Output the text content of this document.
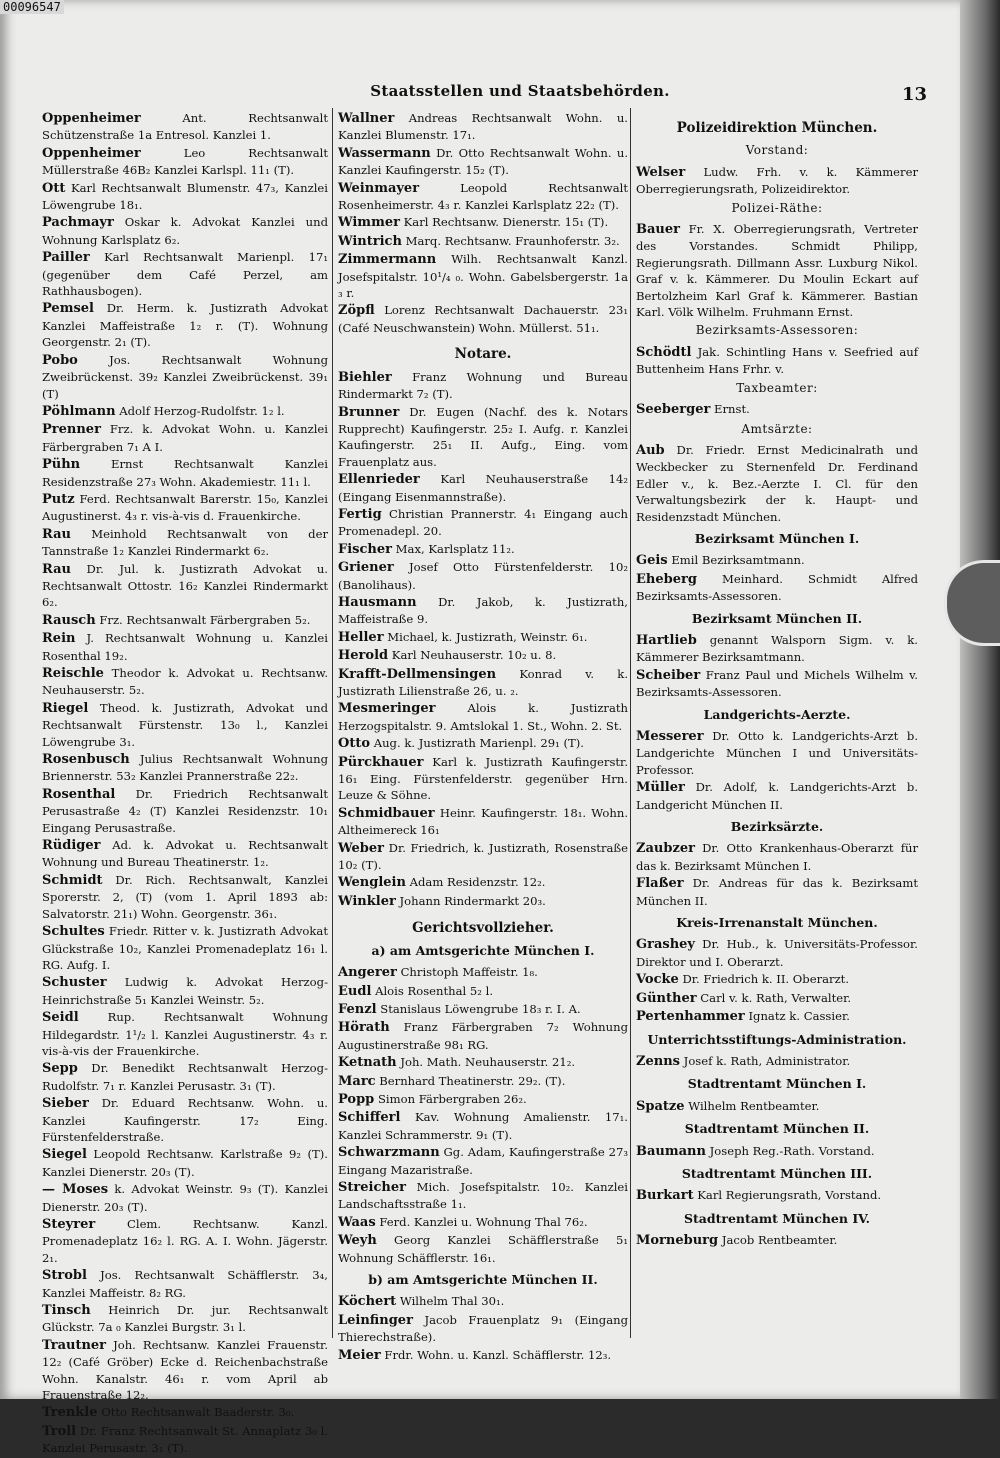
00096547
Staatsstellen und Staatsbehörden.	13
Oppenheimer	Ant. Rechtsanwalt Schützenstraße 1a Entresol. Kanzlei 1.
Oppenheimer	Leo Rechtsanwalt Müllerstraße 46B₂ Kanzlei Karlspl. 11₁ (T).
Ott Karl Rechtsanwalt Blumenstr. 47₃, Kanzlei Löwengrube 18₁.
Pachmayr Oskar k. Advokat Kanzlei und Wohnung Karlsplatz 6₂.
Pailler Karl Rechtsanwalt Marienpl. 17₁ (gegenüber dem Café Perzel, am Rathhausbogen).
Pemsel Dr. Herm. k. Justizrath Advokat Kanzlei Maffeistraße 1₂ r. (T). Wohnung Georgenstr. 2₁ (T).
Pobo	Jos. Rechtsanwalt Wohnung Zweibrückenst. 39₂ Kanzlei Zweibrückenst. 39₁ (T)
Pöhlmann Adolf Herzog-Rudolfstr. 1₂ l.
Prenner Frz. k. Advokat Wohn. u. Kanzlei Färbergraben 7₁ A I.
Pühn	Ernst Rechtsanwalt Kanzlei Residenzstraße 27₃ Wohn. Akademiestr. 11₁ l.
Putz Ferd. Rechtsanwalt Barerstr. 15₀, Kanzlei Augustinerst. 4₃ r. vis-à-vis d. Frauenkirche.
Rau Meinhold Rechtsanwalt von der Tannstraße 1₂ Kanzlei Rindermarkt 6₂.
Rau Dr. Jul. k. Justizrath Advokat u. Rechtsanwalt Ottostr. 16₂ Kanzlei Rindermarkt 6₂.
Rausch Frz. Rechtsanwalt Färbergraben 5₂.
Rein J. Rechtsanwalt Wohnung u. Kanzlei Rosenthal 19₂.
Reischle Theodor k. Advokat u. Rechtsanw. Neuhauserstr. 5₂.
Riegel Theod. k. Justizrath, Advokat und Rechtsanwalt Fürstenstr. 13₀ l., Kanzlei Löwengrube 3₁.
Rosenbusch Julius Rechtsanwalt Wohnung Briennerstr. 53₂ Kanzlei Prannerstraße 22₂.
Rosenthal Dr. Friedrich Rechtsanwalt Perusastraße 4₂ (T) Kanzlei Residenzstr. 10₁ Eingang Perusastraße.
Rüdiger Ad. k. Advokat u. Rechtsanwalt Wohnung und Bureau Theatinerstr. 1₂.
Schmidt Dr. Rich. Rechtsanwalt, Kanzlei Sporerstr. 2, (T) (vom 1. April 1893 ab: Salvatorstr. 21₁) Wohn. Georgenstr. 36₁.
Schultes Friedr. Ritter v. k. Justizrath Advokat Glückstraße 10₂, Kanzlei Promenadeplatz 16₁ l. RG. Aufg. I.
Schuster Ludwig k. Advokat Herzog-Heinrichstraße 5₁ Kanzlei Weinstr. 5₂.
Seidl Rup. Rechtsanwalt Wohnung Hildegardstr. 1¹/₂ l. Kanzlei Augustinerstr. 4₃ r. vis-à-vis der Frauenkirche.
Sepp Dr. Benedikt Rechtsanwalt Herzog-Rudolfstr. 7₁ r. Kanzlei Perusastr. 3₁ (T).
Sieber Dr. Eduard Rechtsanw. Wohn. u. Kanzlei Kaufingerstr. 17₂ Eing. Fürstenfelderstraße.
Siegel Leopold Rechtsanw. Karlstraße 9₂ (T). Kanzlei Dienerstr. 20₃ (T).
— Moses k. Advokat Weinstr. 9₃ (T). Kanzlei Dienerstr. 20₃ (T).
Steyrer	Clem. Rechtsanw. Kanzl. Promenadeplatz 16₂ l. RG. A. I. Wohn. Jägerstr. 2₁.
Strobl Jos. Rechtsanwalt Schäfflerstr. 3₄, Kanzlei Maffeistr. 8₂ RG.
Tinsch Heinrich Dr. jur. Rechtsanwalt Glückstr. 7a ₀ Kanzlei Burgstr. 3₁ l.
Trautner Joh. Rechtsanw. Kanzlei Frauenstr. 12₂ (Café Gröber) Ecke d. Reichenbachstraße Wohn. Kanalstr. 46₁ r. vom April ab Frauenstraße 12₂.
Trenkle Otto Rechtsanwalt Baaderstr. 3₀.
Troll Dr. Franz Rechtsanwalt St. Annaplatz 3₀ l. Kanzlei Perusastr. 3₁ (T).
Wallner Andreas Rechtsanwalt Wohn. u. Kanzlei Blumenstr. 17₁.
Wassermann Dr. Otto Rechtsanwalt Wohn. u. Kanzlei Kaufingerstr. 15₂ (T).
Weinmayer	Leopold Rechtsanwalt Rosenheimerstr. 4₃ r. Kanzlei Karlsplatz 22₂ (T).
Wimmer Karl Rechtsanw. Dienerstr. 15₁ (T).
Wintrich Marq. Rechtsanw. Fraunhoferstr. 3₂.
Zimmermann Wilh. Rechtsanwalt Kanzl. Josefspitalstr. 10¹/₄ ₀. Wohn. Gabelsbergerstr. 1a ₃ r.
Zöpfl Lorenz Rechtsanwalt Dachauerstr. 23₁ (Café Neuschwanstein) Wohn. Müllerst. 51₁.
Notare.
Biehler Franz Wohnung und Bureau Rindermarkt 7₂ (T).
Brunner Dr. Eugen (Nachf. des k. Notars Rupprecht) Kaufingerstr. 25₂ I. Aufg. r. Kanzlei Kaufingerstr. 25₁ II. Aufg., Eing. vom Frauenplatz aus.
Ellenrieder Karl Neuhauserstraße 14₂ (Eingang Eisenmannstraße).
Fertig Christian Prannerstr. 4₁ Eingang auch Promenadepl. 20.
Fischer Max, Karlsplatz 11₂.
Griener Josef Otto Fürstenfelderstr. 10₂ (Banolihaus).
Hausmann Dr. Jakob, k. Justizrath, Maffeistraße 9.
Heller Michael, k. Justizrath, Weinstr. 6₁.
Herold Karl Neuhauserstr. 10₂ u. 8.
Krafft-Dellmensingen Konrad v. k. Justizrath Lilienstraße 26, u. ₂.
Mesmeringer	Alois k. Justizrath Herzogspitalstr. 9. Amtslokal 1. St., Wohn. 2. St.
Otto Aug. k. Justizrath Marienpl. 29₁ (T).
Pürckhauer Karl k. Justizrath Kaufingerstr. 16₁ Eing. Fürstenfelderstr. gegenüber Hrn. Leuze & Söhne.
Schmidbauer Heinr. Kaufingerstr. 18₁. Wohn. Altheimereck 16₁
Weber Dr. Friedrich, k. Justizrath, Rosenstraße 10₂ (T).
Wenglein Adam Residenzstr. 12₂.
Winkler Johann Rindermarkt 20₃.
Gerichtsvollzieher.
a) am Amtsgerichte München I.
Angerer Christoph Maffeistr. 1₈.
Eudl Alois Rosenthal 5₂ l.
Fenzl Stanislaus Löwengrube 18₃ r. I. A.
Hörath Franz Färbergraben 7₂ Wohnung Augustinerstraße 98₁ RG.
Ketnath Joh. Math. Neuhauserstr. 21₂.
Marc Bernhard Theatinerstr. 29₂. (T).
Popp Simon Färbergraben 26₂.
Schifferl Kav. Wohnung Amalienstr. 17₁. Kanzlei Schrammerstr. 9₁ (T).
Schwarzmann Gg. Adam, Kaufingerstraße 27₃ Eingang Mazaristraße.
Streicher Mich. Josefspitalstr. 10₂. Kanzlei Landschaftsstraße 1₁.
Waas Ferd. Kanzlei u. Wohnung Thal 76₂.
Weyh Georg Kanzlei Schäfflerstraße 5₁ Wohnung Schäfflerstr. 16₁.
b) am Amtsgerichte München II.
Köchert Wilhelm Thal 30₁.
Leinfinger Jacob Frauenplatz 9₁ (Eingang Thierechstraße).
Meier Frdr. Wohn. u. Kanzl. Schäfflerstr. 12₃.
Polizeidirektion München.
Vorstand:
Welser Ludw. Frh. v. k. Kämmerer Oberregierungsrath, Polizeidirektor.
Polizei-Räthe:
Bauer Fr. X. Oberregierungsrath, Vertreter des Vorstandes. Schmidt Philipp, Regierungsrath. Dillmann Assr. Luxburg Nikol. Graf v. k. Kämmerer. Du Moulin Eckart auf Bertolzheim Karl Graf k. Kämmerer. Bastian Karl. Völk Wilhelm. Fruhmann Ernst.
Bezirksamts-Assessoren:
Schödtl Jak. Schintling Hans v. Seefried auf Buttenheim Hans Frhr. v.
Taxbeamter:
Seeberger Ernst.
Amtsärzte:
Aub Dr. Friedr. Ernst Medicinalrath und Weckbecker zu Sternenfeld Dr. Ferdinand Edler v., k. Bez.-Aerzte I. Cl. für den Verwaltungsbezirk der k. Haupt- und Residenzstadt München.
Bezirksamt München I.
Geis Emil Bezirksamtmann.
Eheberg Meinhard. Schmidt Alfred Bezirksamts-Assessoren.
Bezirksamt München II.
Hartlieb genannt Walsporn Sigm. v. k. Kämmerer Bezirksamtmann.
Scheiber Franz Paul und Michels Wilhelm v. Bezirksamts-Assessoren.
Landgerichts-Aerzte.
Messerer Dr. Otto k. Landgerichts-Arzt b. Landgerichte München I und Universitäts-Professor.
Müller Dr. Adolf, k. Landgerichts-Arzt b. Landgericht München II.
Bezirksärzte.
Zaubzer Dr. Otto Krankenhaus-Oberarzt für das k. Bezirksamt München I.
Flaßer Dr. Andreas für das k. Bezirksamt München II.
Kreis-Irrenanstalt München.
Grashey Dr. Hub., k. Universitäts-Professor. Direktor und I. Oberarzt.
Vocke Dr. Friedrich k. II. Oberarzt.
Günther Carl v. k. Rath, Verwalter.
Pertenhammer Ignatz k. Cassier.
Unterrichtsstiftungs-Administration.
Zenns Josef k. Rath, Administrator.
Stadtrentamt München I.
Spatze Wilhelm Rentbeamter.
Stadtrentamt München II.
Baumann Joseph Reg.-Rath. Vorstand.
Stadtrentamt München III.
Burkart Karl Regierungsrath, Vorstand.
Stadtrentamt München IV.
Morneburg Jacob Rentbeamter.
